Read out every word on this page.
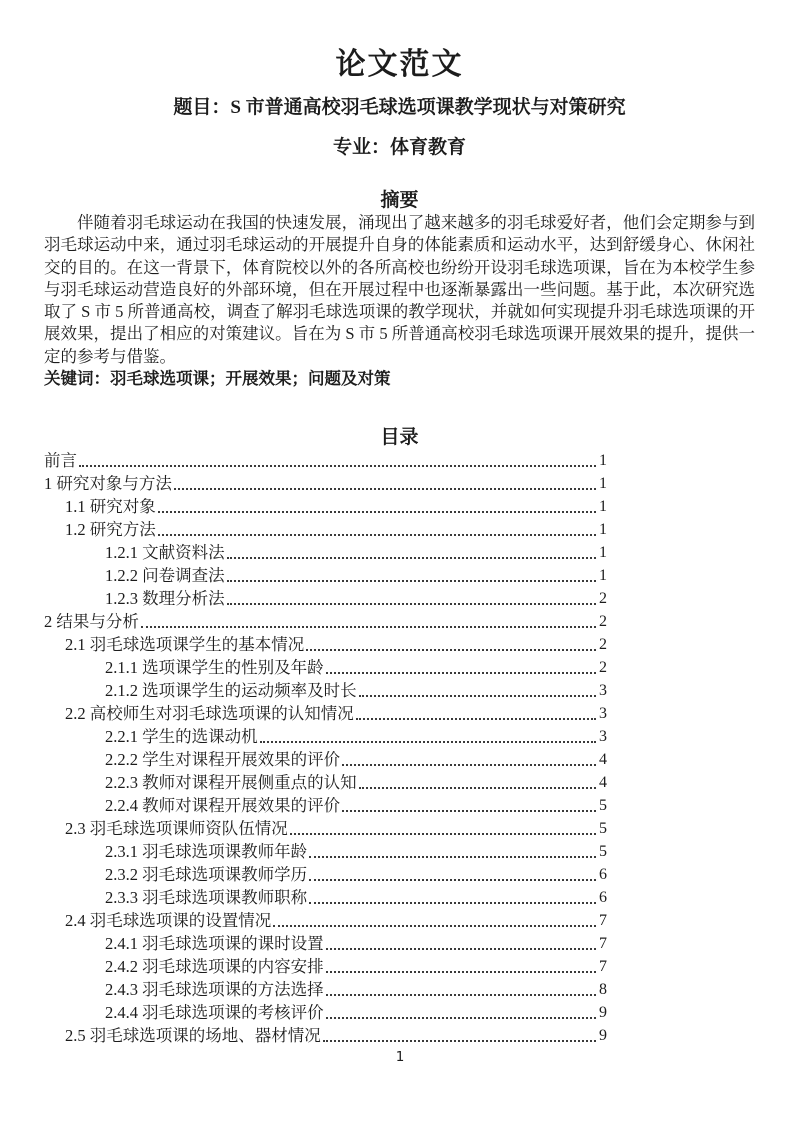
论文范文
题目：S 市普通高校羽毛球选项课教学现状与对策研究
专业：体育教育
摘要

伴随着羽毛球运动在我国的快速发展，涌现出了越来越多的羽毛球爱好者，他们会定期参与到羽毛球运动中来，通过羽毛球运动的开展提升自身的体能素质和运动水平，达到舒缓身心、休闲社交的目的。在这一背景下，体育院校以外的各所高校也纷纷开设羽毛球选项课，旨在为本校学生参与羽毛球运动营造良好的外部环境，但在开展过程中也逐渐暴露出一些问题。基于此，本次研究选取了 S 市 5 所普通高校，调查了解羽毛球选项课的教学现状，并就如何实现提升羽毛球选项课的开展效果，提出了相应的对策建议。旨在为 S 市 5 所普通高校羽毛球选项课开展效果的提升，提供一定的参考与借鉴。

关键词：羽毛球选项课；开展效果；问题及对策

目录
前言	1
1 研究对象与方法	1
1.1 研究对象	1
1.2 研究方法	1
1.2.1 文献资料法	1
1.2.2 问卷调查法	1
1.2.3 数理分析法	2
2 结果与分析	2
2.1 羽毛球选项课学生的基本情况	2
2.1.1 选项课学生的性别及年龄	2
2.1.2 选项课学生的运动频率及时长	3
2.2 高校师生对羽毛球选项课的认知情况	3
2.2.1 学生的选课动机	3
2.2.2 学生对课程开展效果的评价	4
2.2.3 教师对课程开展侧重点的认知	4
2.2.4 教师对课程开展效果的评价	5
2.3 羽毛球选项课师资队伍情况	5
2.3.1 羽毛球选项课教师年龄	5
2.3.2 羽毛球选项课教师学历	6
2.3.3 羽毛球选项课教师职称	6
2.4 羽毛球选项课的设置情况	7
2.4.1 羽毛球选项课的课时设置	7
2.4.2 羽毛球选项课的内容安排	7
2.4.3 羽毛球选项课的方法选择	8
2.4.4 羽毛球选项课的考核评价	9
2.5 羽毛球选项课的场地、器材情况	9
1
